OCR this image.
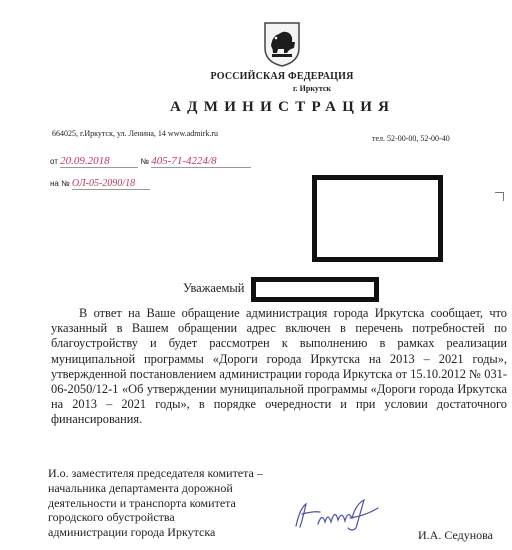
РОССИЙСКАЯ ФЕДЕРАЦИЯ
г. Иркутск
АДМИНИСТРАЦИЯ
664025, г.Иркутск, ул. Ленина, 14 www.admirk.ru
тел. 52-00-00, 52-00-40
от 20.09.2018	№ 405-71-4224/8
на № ОЛ-05-2090/18
Уважаемый
В ответ на Ваше обращение администрация города Иркутска сообщает, что указанный в Вашем обращении адрес включен в перечень потребностей по благоустройству и будет рассмотрен к выполнению в рамках реализации муниципальной программы «Дороги города Иркутска на 2013 – 2021 годы», утвержденной постановлением администрации города Иркутска от 15.10.2012 № 031-06-2050/12-1 «Об утверждении муниципальной программы «Дороги города Иркутска на 2013 – 2021 годы», в порядке очередности и при условии достаточного финансирования.
И.о. заместителя председателя комитета –
начальника департамента дорожной
деятельности и транспорта комитета
городского обустройства
администрации города Иркутска	И.А. Седунова
